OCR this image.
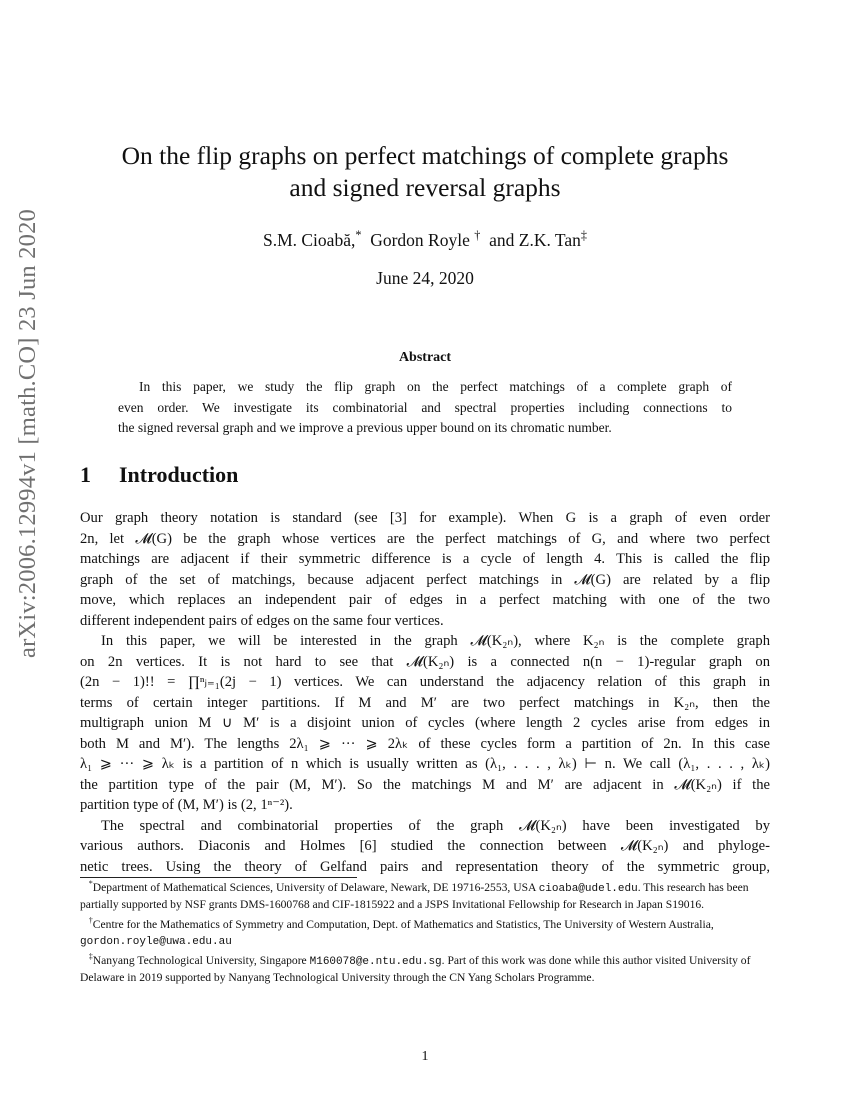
arXiv:2006.12994v1 [math.CO] 23 Jun 2020
On the flip graphs on perfect matchings of complete graphs
and signed reversal graphs
S.M. Cioabă,* Gordon Royle † and Z.K. Tan‡
June 24, 2020
Abstract
In this paper, we study the flip graph on the perfect matchings of a complete graph of
even order. We investigate its combinatorial and spectral properties including connections to
the signed reversal graph and we improve a previous upper bound on its chromatic number.
1 Introduction
Our graph theory notation is standard (see [3] for example). When G is a graph of even order
2n, let 𝓜(G) be the graph whose vertices are the perfect matchings of G, and where two perfect
matchings are adjacent if their symmetric difference is a cycle of length 4. This is called the flip
graph of the set of matchings, because adjacent perfect matchings in 𝓜(G) are related by a flip
move, which replaces an independent pair of edges in a perfect matching with one of the two
different independent pairs of edges on the same four vertices.
In this paper, we will be interested in the graph 𝓜(K₂ₙ), where K₂ₙ is the complete graph
on 2n vertices. It is not hard to see that 𝓜(K₂ₙ) is a connected n(n − 1)-regular graph on
(2n − 1)!! = ∏ⁿⱼ₌₁(2j − 1) vertices. We can understand the adjacency relation of this graph in
terms of certain integer partitions. If M and M′ are two perfect matchings in K₂ₙ, then the
multigraph union M ∪ M′ is a disjoint union of cycles (where length 2 cycles arise from edges in
both M and M′). The lengths 2λ₁ ⩾ ··· ⩾ 2λₖ of these cycles form a partition of 2n. In this case
λ₁ ⩾ ··· ⩾ λₖ is a partition of n which is usually written as (λ₁, . . . , λₖ) ⊢ n. We call (λ₁, . . . , λₖ)
the partition type of the pair (M, M′). So the matchings M and M′ are adjacent in 𝓜(K₂ₙ) if the
partition type of (M, M′) is (2, 1ⁿ⁻²).
The spectral and combinatorial properties of the graph 𝓜(K₂ₙ) have been investigated by
various authors. Diaconis and Holmes [6] studied the connection between 𝓜(K₂ₙ) and phyloge-
netic trees. Using the theory of Gelfand pairs and representation theory of the symmetric group,
*Department of Mathematical Sciences, University of Delaware, Newark, DE 19716-2553, USA cioaba@udel.edu. This research has been partially supported by NSF grants DMS-1600768 and CIF-1815922 and a JSPS Invitational Fellowship for Research in Japan S19016.
†Centre for the Mathematics of Symmetry and Computation, Dept. of Mathematics and Statistics, The University of Western Australia, gordon.royle@uwa.edu.au
‡Nanyang Technological University, Singapore M160078@e.ntu.edu.sg. Part of this work was done while this author visited University of Delaware in 2019 supported by Nanyang Technological University through the CN Yang Scholars Programme.
1
